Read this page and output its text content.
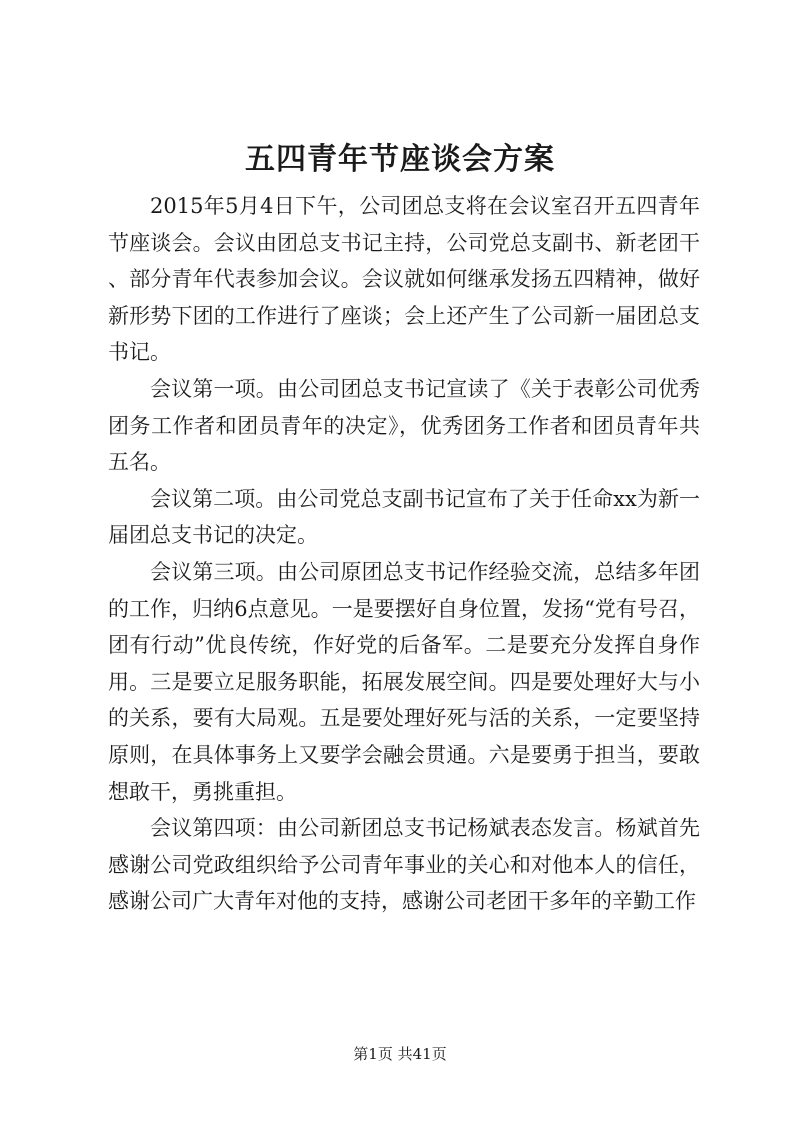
五四青年节座谈会方案

2015年5月4日下午，公司团总支将在会议室召开五四青年节座谈会。会议由团总支书记主持，公司党总支副书、新老团干、部分青年代表参加会议。会议就如何继承发扬五四精神，做好新形势下团的工作进行了座谈；会上还产生了公司新一届团总支书记。

会议第一项。由公司团总支书记宣读了《关于表彰公司优秀团务工作者和团员青年的决定》，优秀团务工作者和团员青年共五名。

会议第二项。由公司党总支副书记宣布了关于任命xx为新一届团总支书记的决定。

会议第三项。由公司原团总支书记作经验交流，总结多年团的工作，归纳6点意见。一是要摆好自身位置，发扬“党有号召，团有行动”优良传统，作好党的后备军。二是要充分发挥自身作用。三是要立足服务职能，拓展发展空间。四是要处理好大与小的关系，要有大局观。五是要处理好死与活的关系，一定要坚持原则，在具体事务上又要学会融会贯通。六是要勇于担当，要敢想敢干，勇挑重担。

会议第四项：由公司新团总支书记杨斌表态发言。杨斌首先感谢公司党政组织给予公司青年事业的关心和对他本人的信任，感谢公司广大青年对他的支持，感谢公司老团干多年的辛勤工作

第1页 共41页
